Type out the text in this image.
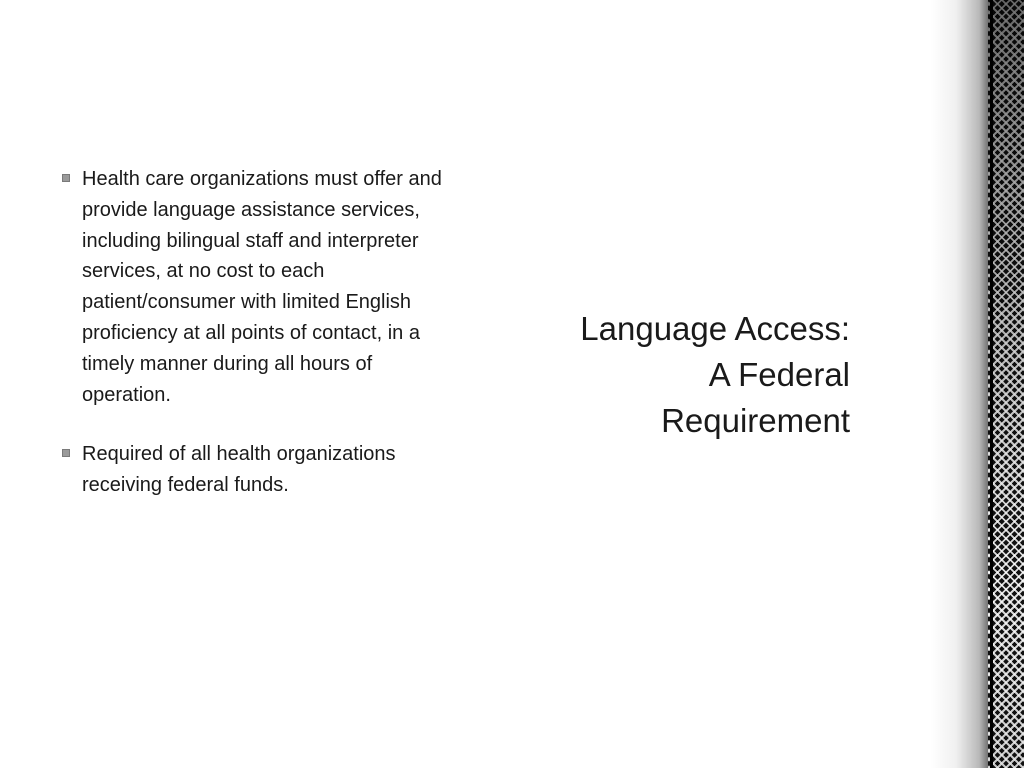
Health care organizations must offer and provide language assistance services, including bilingual staff and interpreter services, at no cost to each patient/consumer with limited English proficiency at all points of contact, in a timely manner during all hours of operation.
Required of all health organizations receiving federal funds.
Language Access:
A Federal
Requirement
